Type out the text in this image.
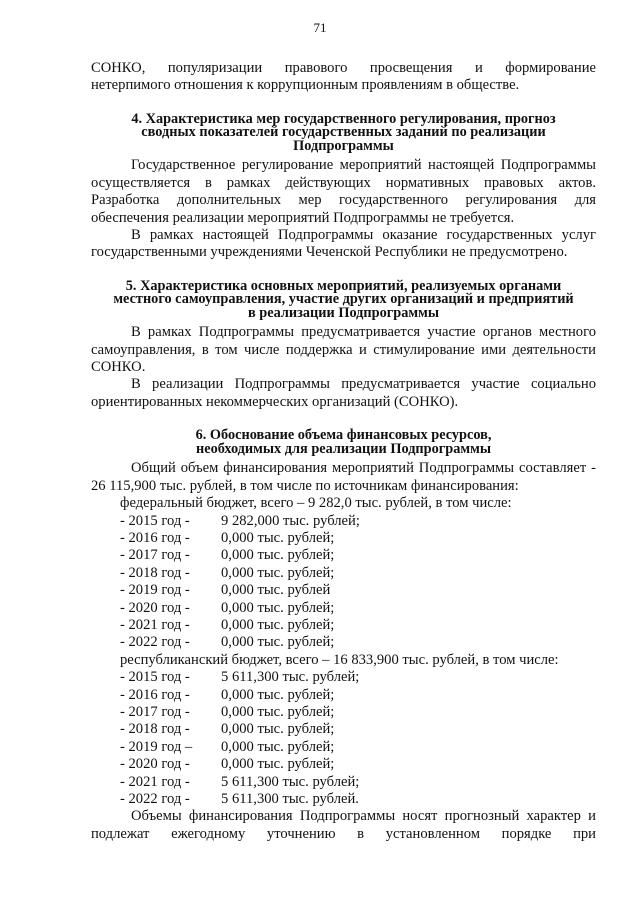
71

СОНКО, популяризации правового просвещения и формирование

нетерпимого отношения к коррупционным проявлениям в обществе.

4. Характеристика мер государственного регулирования, прогноз
сводных показателей государственных заданий по реализации
Подпрограммы

Государственное регулирование мероприятий настоящей Подпрограммы

осуществляется в рамках действующих нормативных правовых актов.

Разработка дополнительных мер государственного регулирования для

обеспечения реализации мероприятий Подпрограммы не требуется.

В рамках настоящей Подпрограммы оказание государственных услуг

государственными учреждениями Чеченской Республики не предусмотрено.

5. Характеристика основных мероприятий, реализуемых органами
местного самоуправления, участие других организаций и предприятий
в реализации Подпрограммы

В рамках Подпрограммы предусматривается участие органов местного

самоуправления, в том числе поддержка и стимулирование ими деятельности

СОНКО.

В реализации Подпрограммы предусматривается участие социально

ориентированных некоммерческих организаций (СОНКО).

6. Обоснование объема финансовых ресурсов,
необходимых для реализации Подпрограммы

Общий объем финансирования мероприятий Подпрограммы составляет -

26 115,900 тыс. рублей, в том числе по источникам финансирования:

федеральный бюджет, всего – 9 282,0 тыс. рублей, в том числе:

- 2015 год - 9 282,000 тыс. рублей;

- 2016 год - 0,000 тыс. рублей;

- 2017 год - 0,000 тыс. рублей;

- 2018 год - 0,000 тыс. рублей;

- 2019 год - 0,000 тыс. рублей

- 2020 год - 0,000 тыс. рублей;

- 2021 год - 0,000 тыс. рублей;

- 2022 год - 0,000 тыс. рублей;

республиканский бюджет, всего – 16 833,900 тыс. рублей, в том числе:

- 2015 год - 5 611,300 тыс. рублей;

- 2016 год - 0,000 тыс. рублей;

- 2017 год - 0,000 тыс. рублей;

- 2018 год - 0,000 тыс. рублей;

- 2019 год – 0,000 тыс. рублей;

- 2020 год - 0,000 тыс. рублей;

- 2021 год - 5 611,300 тыс. рублей;

- 2022 год - 5 611,300 тыс. рублей.

Объемы финансирования Подпрограммы носят прогнозный характер и

подлежат ежегодному уточнению в установленном порядке при
